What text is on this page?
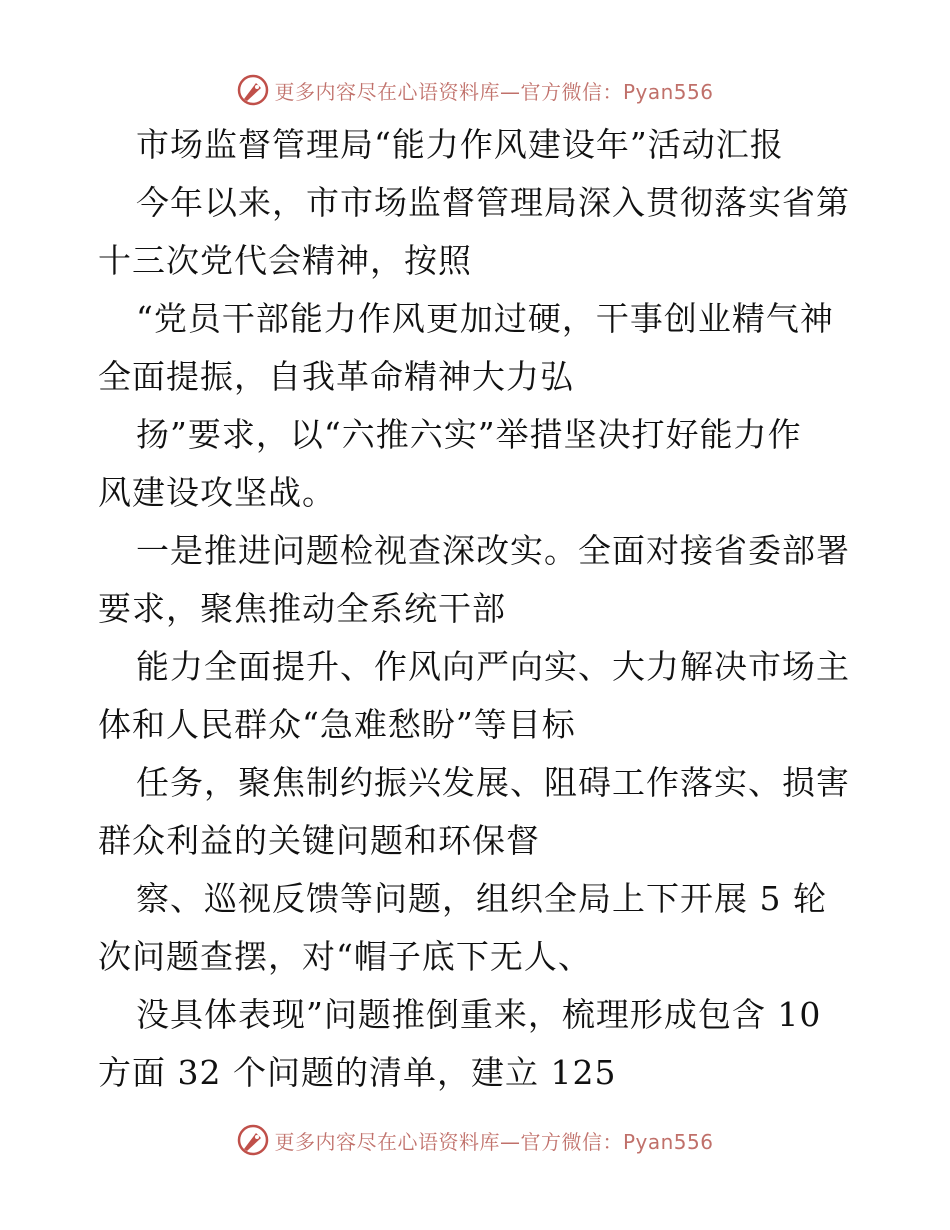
更多内容尽在心语资料库—官方微信：Pyan556
市场监督管理局“能力作风建设年”活动汇报
今年以来，市市场监督管理局深入贯彻落实省第
十三次党代会精神，按照
“党员干部能力作风更加过硬，干事创业精气神
全面提振，自我革命精神大力弘
扬”要求，以“六推六实”举措坚决打好能力作
风建设攻坚战。
一是推进问题检视查深改实。全面对接省委部署
要求，聚焦推动全系统干部
能力全面提升、作风向严向实、大力解决市场主
体和人民群众“急难愁盼”等目标
任务，聚焦制约振兴发展、阻碍工作落实、损害
群众利益的关键问题和环保督
察、巡视反馈等问题，组织全局上下开展 5 轮
次问题查摆，对“帽子底下无人、
没具体表现”问题推倒重来，梳理形成包含 10
方面 32 个问题的清单，建立 125
更多内容尽在心语资料库—官方微信：Pyan556
